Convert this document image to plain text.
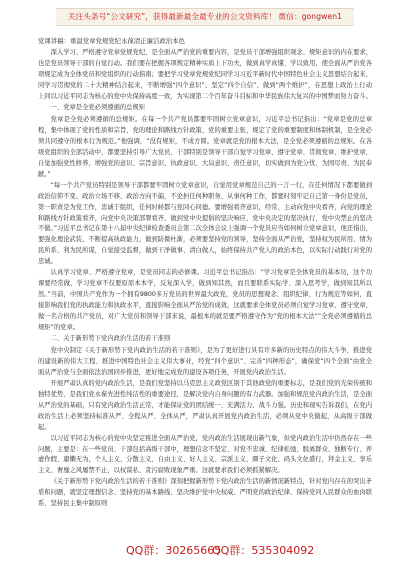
关注头条号“公文研究”，获得最新最全最专业的公文资料库！ 微信：gongwen1
党课讲稿：重温党章党规党纪永葆清正廉洁政治本色

深入学习、严格遵守党章党规党纪，是全面从严治党的重要内容，是党员干部增强组织观念、规矩意识的内在要求，也是党员领导干部的自觉行动。我们要在把握各项规定精神实质上下功夫，做到真学真懂、学以致用，使全面从严治党各项规定成为全体党员和党组织的行动指南；要把学习党章党规党纪同学习习近平新时代中国特色社会主义思想结合起来，同学习贯彻党的二十大精神结合起来，不断增强“四个意识”、坚定“四个自信”、做到“两个维护”，在思想上政治上行动上同以习近平同志为核心的党中央保持高度一致，为实现第二个百年奋斗目标和中华民族伟大复兴的中国梦而努力奋斗。

一、党章是全党必须遵循的总规矩

党章是全党必须遵循的总规矩。在每一个共产党员都要牢固树立党章意识，习近平总书记指出：“党章是党的总章程，集中体现了党的性质和宗旨、党的理论和路线方针政策、党的重要主张，规定了党的重要制度和体制机制，是全党必须共同遵守的根本行为规范。”他强调，“没有规矩，不成方圆。党章就是党的根本大法，是全党必须遵循的总规矩。在各级党组织的全部活动中，都要坚持引导广大党员、干部特别是领导干部自觉学习党章、遵守党章、贯彻党章、维护党章，自觉加强党性修养，增强党的意识、宗旨意识、执政意识、大局意识、责任意识，切实做到为党分忧、为国尽责、为民奉献。”

“每一个共产党员特别是领导干部都要牢固树立党章意识，自觉用党章规范自己的一言一行，在任何情况下都要做到政治信仰不变、政治立场不移、政治方向不偏，不论担任何种职务、从事何种工作，都要时刻牢记自己第一身份是党员，第一职责是为党工作，忠诚于组织，任何时候都与党同心同德。要增强看齐意识，经常、主动向党中央看齐，向党的理论和路线方针政策看齐，向党中央决策部署看齐，做到党中央提倡的坚决响应、党中央决定的坚决执行、党中央禁止的坚决不做。”习近平总书记在第十八届中央纪律检查委员会第二次全体会议上强调一个党员应当如何树立党章意识，他还指出，要强化理论武装，不断提高执政能力，做到防微杜渐，必须要坚持党的领导，坚持全面从严治党，坚持权为民所用、情为民所系、利为民所谋，自觉接受监督，做到干净做事、清白做人，始终保持共产党人的政治本色，以实际行动践行对党的忠诚。

认真学习党章、严格遵守党章，是党员同志的必修课。习近平总书记指出：“学习党章是全体党员的基本功，这个功课要经常做，学习党章不仅要原原本本学，反复深入学，做到知其然，而且要联系实际学、深入思考学，做到知其所以然。”当前，中国共产党作为一个拥有9800多万党员的世界最大政党，党员的思想观念、组织纪律、行为规范等如何，直接影响我们党的执政能力和执政水平，直接影响全面从严治党的成效，这就要求全体党员必须自觉学习党章、遵守党章，做一名合格的共产党员，对广大党员和领导干部来说，最根本的就是要严格遵守作为“党的根本大法”“全党必须遵循的总规矩”的党章。

二、关于新形势下党内政治生活的若干准则

党中央制定《关于新形势下党内政治生活的若干准则》，是为了更好进行具有许多新的历史特点的伟大斗争、推进党的建设新的伟大工程、推进中国特色社会主义伟大事业，经党“四个意识”、完善“四种形态”，确保党“四个全面”由党全面从严治党与全面依法治国同步推进，更好地完成党的建设各项任务，开展党内政治生活。

开展严肃认真的党内政治生活，是我们党坚持以马克思主义政党区别于其他政党的重要标志，是我们党的光荣传统和独特优势，是我们党永葆先进性纯洁性的重要途径，是解决党内自身问题的有力武器。加强和规范党内政治生活，是全面从严治党的基础，只有党内政治生活正常，才能保证党的团结统一、充满活力、战斗力强。历史和现实告诉我们，在党内政治生活上必须坚持标准从严、全程从严、全体从严，严肃认真开展党内政治生活，必须从党中央做起，从高级干部做起。

以习近平同志为核心的党中央坚定推进全面从严治党，党内政治生活展现出新气象，但党内政治生活中仍然存在一些问题，主要是：在一些党员、干部包括高级干部中，理想信念不坚定、对党不忠诚、纪律松弛、脱离群众、独断专行、弄虚作假、庸懒无为，个人主义、分散主义、自由主义、好人主义、宗派主义、圈子文化、码头文化盛行，拜金主义、享乐主义、奢靡之风屡禁不止，以权谋私、贪污腐败现象严重。这就要求我们必须抓紧解决。

《关于新形势下党内政治生活的若干准则》深刻把握新形势下党内政治生活的新情况新特点，针对党内存在的突出矛盾和问题，就坚定理想信念、坚持党的基本路线、坚决维护党中央权威、严明党的政治纪律、保持党同人民群众的血肉联系、坚持民主集中制原则

QQ群：30265665
QQ群：535304092
